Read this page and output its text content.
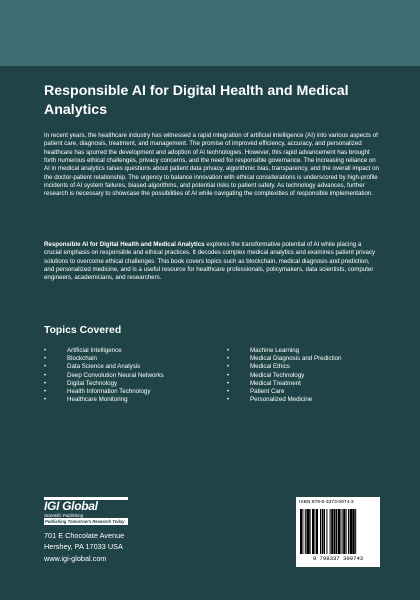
Responsible AI for Digital Health and Medical Analytics

In recent years, the healthcare industry has witnessed a rapid integration of artificial intelligence (AI) into various aspects of patient care, diagnosis, treatment, and management. The promise of improved efficiency, accuracy, and personalized healthcare has spurred the development and adoption of AI technologies. However, this rapid advancement has brought forth numerous ethical challenges, privacy concerns, and the need for responsible governance. The increasing reliance on AI in medical analytics raises questions about patient data privacy, algorithmic bias, transparency, and the overall impact on the doctor-patient relationship. The urgency to balance innovation with ethical considerations is underscored by high-profile incidents of AI system failures, biased algorithms, and potential risks to patient safety. As technology advances, further research is necessary to showcase the possibilities of AI while navigating the complexities of responsible implementation.

Responsible AI for Digital Health and Medical Analytics explores the transformative potential of AI while placing a crucial emphasis on responsible and ethical practices. It decodes complex medical analytics and examines patient privacy solutions to overcome ethical challenges. This book covers topics such as blockchain, medical diagnosis and prediction, and personalized medicine, and is a useful resource for healthcare professionals, policymakers, data scientists, computer engineers, academicians, and researchers.

Topics Covered
•	Artificial Intelligence
•	Blockchain
•	Data Science and Analysis
•	Deep Convolution Neural Networks
•	Digital Technology
•	Health Information Technology
•	Healthcare Monitoring
•	Machine Learning
•	Medical Diagnosis and Prediction
•	Medical Ethics
•	Medical Technology
•	Medical Treatment
•	Patient Care
•	Personalized Medicine
IGI Global
Scientific Publishing
Publishing Tomorrow's Research Today
701 E Chocolate Avenue
Hershey, PA 17033 USA
www.igi-global.com
ISBN 979-8-3373-0974-3
9 798337 309743
